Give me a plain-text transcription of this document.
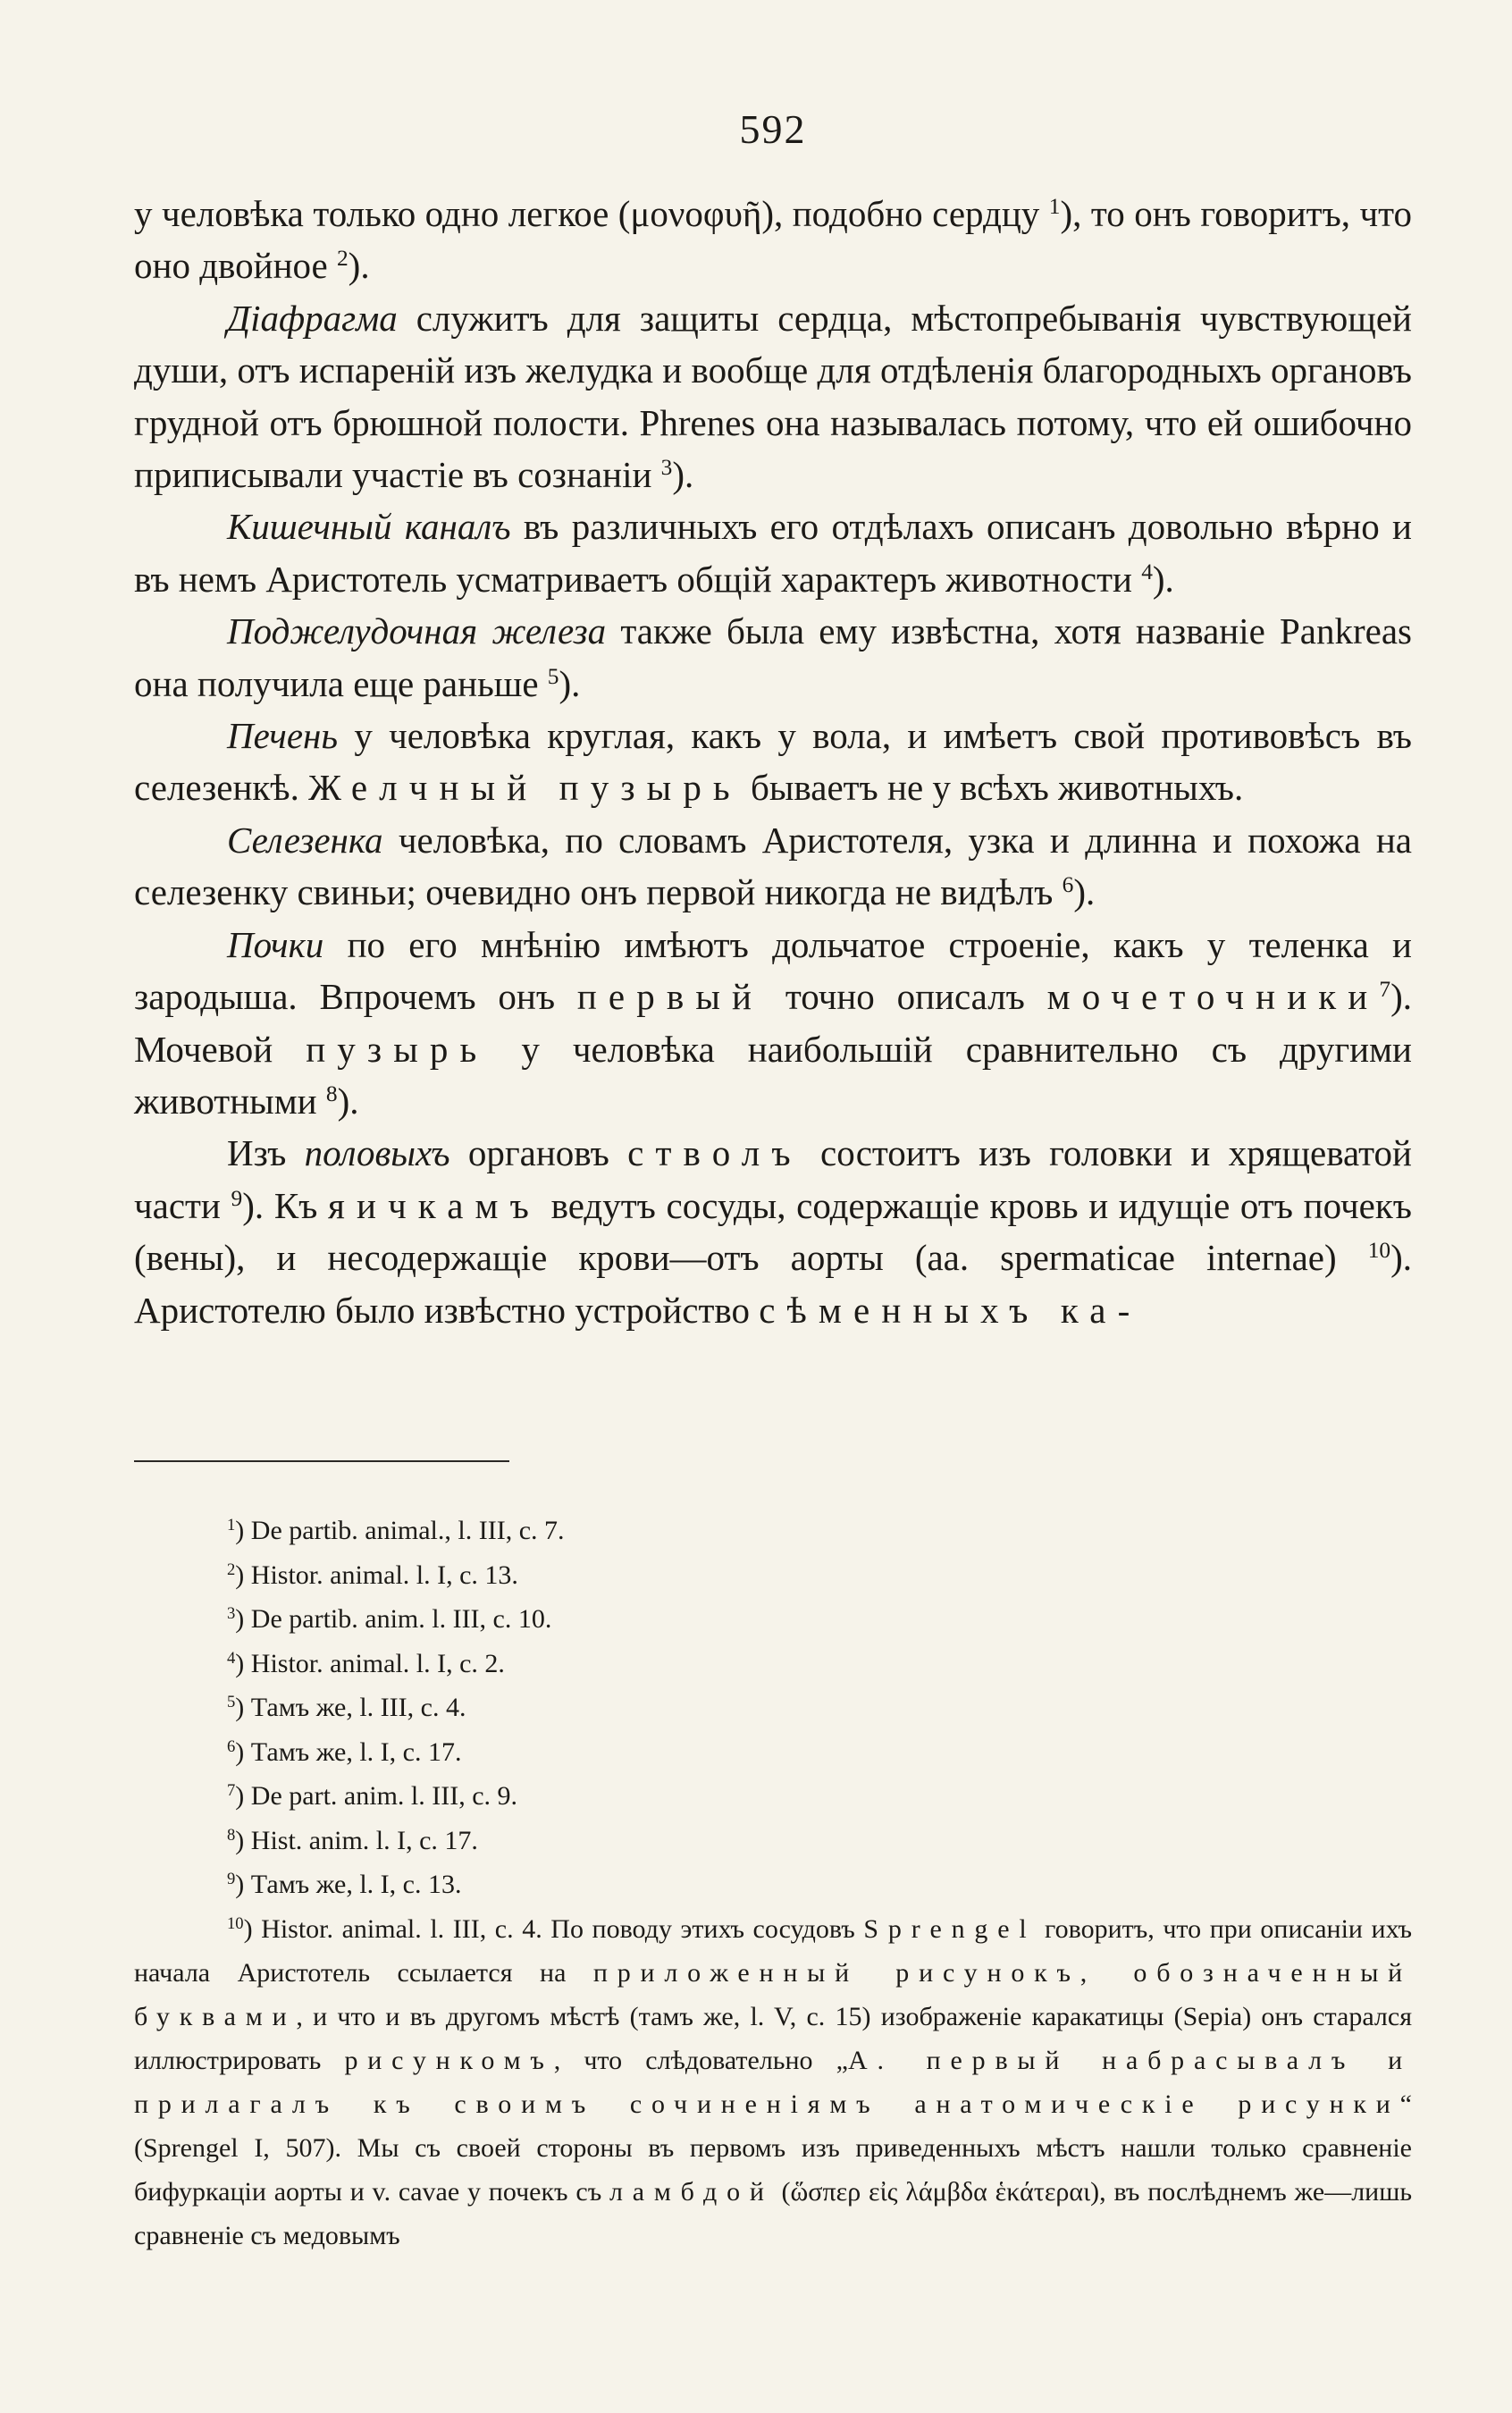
592

у человѣка только одно легкое (μονοφυῆ), подобно сердцу $^1$), то онъ говоритъ, что оно двойное $^2$).

Діафрагма служитъ для защиты сердца, мѣстопребыванія чувствующей души, отъ испареній изъ желудка и вообще для отдѣленія благородныхъ органовъ грудной отъ брюшной полости. Phrenes она называлась потому, что ей ошибочно приписывали участіе въ сознаніи $^3$).

Кишечный каналъ въ различныхъ его отдѣлахъ описанъ довольно вѣрно и въ немъ Аристотель усматриваетъ общій характеръ животности $^4$).

Поджелудочная железа также была ему извѣстна, хотя названіе Pankreas она получила еще раньше $^5$).

Печень у человѣка круглая, какъ у вола, и имѣетъ свой противовѣсъ въ селезенкѣ. Желчный пузырь бываетъ не у всѣхъ животныхъ.

Селезенка человѣка, по словамъ Аристотеля, узка и длинна и похожа на селезенку свиньи; очевидно онъ первой никогда не видѣлъ $^6$).

Почки по его мнѣнію имѣютъ дольчатое строеніе, какъ у теленка и зародыша. Впрочемъ онъ первый точно описалъ мочеточники$^7$). Мочевой пузырь у человѣка наибольшій сравнительно съ другими животными $^8$).

Изъ половыхъ органовъ стволъ состоитъ изъ головки и хрящеватой части $^9$). Къ яичкамъ ведутъ сосуды, содержащіе кровь и идущіе отъ почекъ (вены), и несодержащіе крови—отъ аорты (аа. spermaticae internae) $^{10}$). Аристотелю было извѣстно устройство сѣменныхъ ка-

$^1$) De partib. animal., l. III, c. 7.
$^2$) Histor. animal. l. I, c. 13.
$^3$) De partib. anim. l. III, c. 10.
$^4$) Histor. animal. l. I, c. 2.
$^5$) Тамъ же, l. III, c. 4.
$^6$) Тамъ же, l. I, c. 17.
$^7$) De part. anim. l. III, c. 9.
$^8$) Hist. anim. l. I, c. 17.
$^9$) Тамъ же, l. I, c. 13.
$^{10}$) Histor. animal. l. III, c. 4. По поводу этихъ сосудовъ Sprengel говоритъ, что при описаніи ихъ начала Аристотель ссылается на приложенный рисунокъ, обозначенный буквами, и что и въ другомъ мѣстѣ (тамъ же, l. V, c. 15) изображеніе каракатицы (Sepia) онъ старался иллюстрировать рисункомъ, что слѣдовательно „А. первый набрасывалъ и прилагалъ къ своимъ сочиненіямъ анатомическіе рисунки“ (Sprengel I, 507). Мы съ своей стороны въ первомъ изъ приведенныхъ мѣстъ нашли только сравненіе бифуркаціи аорты и v. cavae у почекъ съ ламбдой (ὥσπερ εἰς λάμβδα ἑκάτεραι), въ послѣднемъ же—лишь сравненіе съ медовымъ
